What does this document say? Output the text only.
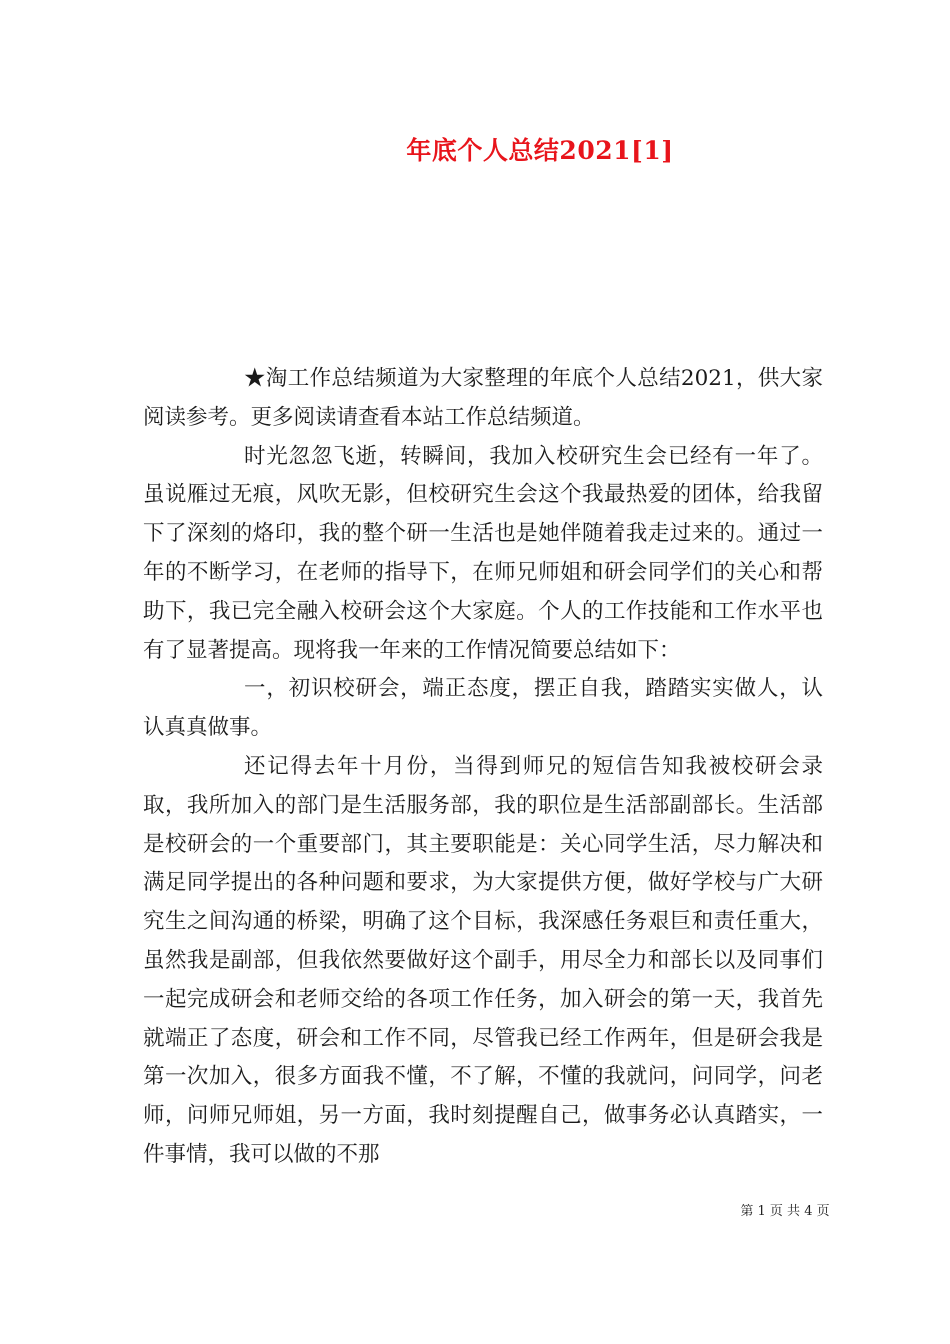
年底个人总结2021[1]

★淘工作总结频道为大家整理的年底个人总结2021，供大家阅读参考。更多阅读请查看本站工作总结频道。

时光忽忽飞逝，转瞬间，我加入校研究生会已经有一年了。虽说雁过无痕，风吹无影，但校研究生会这个我最热爱的团体，给我留下了深刻的烙印，我的整个研一生活也是她伴随着我走过来的。通过一年的不断学习，在老师的指导下，在师兄师姐和研会同学们的关心和帮助下，我已完全融入校研会这个大家庭。个人的工作技能和工作水平也有了显著提高。现将我一年来的工作情况简要总结如下：

一，初识校研会，端正态度，摆正自我，踏踏实实做人，认认真真做事。

还记得去年十月份，当得到师兄的短信告知我被校研会录取，我所加入的部门是生活服务部，我的职位是生活部副部长。生活部是校研会的一个重要部门，其主要职能是：关心同学生活，尽力解决和满足同学提出的各种问题和要求，为大家提供方便，做好学校与广大研究生之间沟通的桥梁，明确了这个目标，我深感任务艰巨和责任重大，虽然我是副部，但我依然要做好这个副手，用尽全力和部长以及同事们一起完成研会和老师交给的各项工作任务，加入研会的第一天，我首先就端正了态度，研会和工作不同，尽管我已经工作两年，但是研会我是第一次加入，很多方面我不懂，不了解，不懂的我就问，问同学，问老师，问师兄师姐，另一方面，我时刻提醒自己，做事务必认真踏实，一件事情，我可以做的不那

第 1 页 共 4 页
